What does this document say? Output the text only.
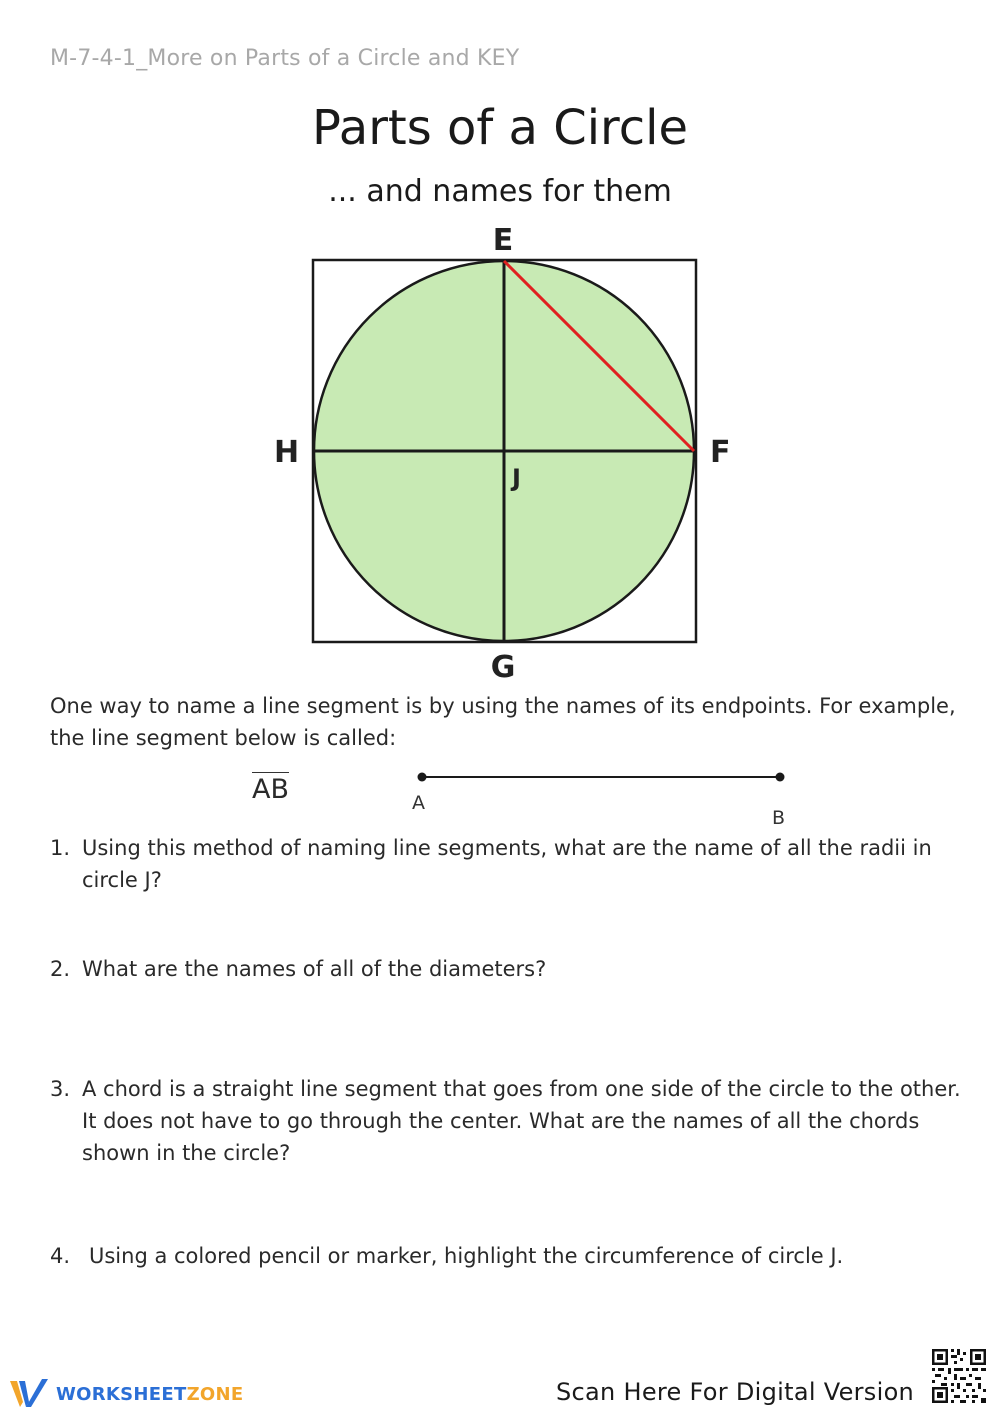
M-7-4-1_More on Parts of a Circle and KEY
Parts of a Circle
... and names for them
E
F
H
J
G
One way to name a line segment is by using the names of its endpoints. For example, the line segment below is called:
AB	A
B
1. Using this method of naming line segments, what are the name of all the radii in circle J?
2. What are the names of all of the diameters?
3. A chord is a straight line segment that goes from one side of the circle to the other. It does not have to go through the center. What are the names of all the chords shown in the circle?
4. Using a colored pencil or marker, highlight the circumference of circle J.
WORKSHEET ZONE	Scan Here For Digital Version
